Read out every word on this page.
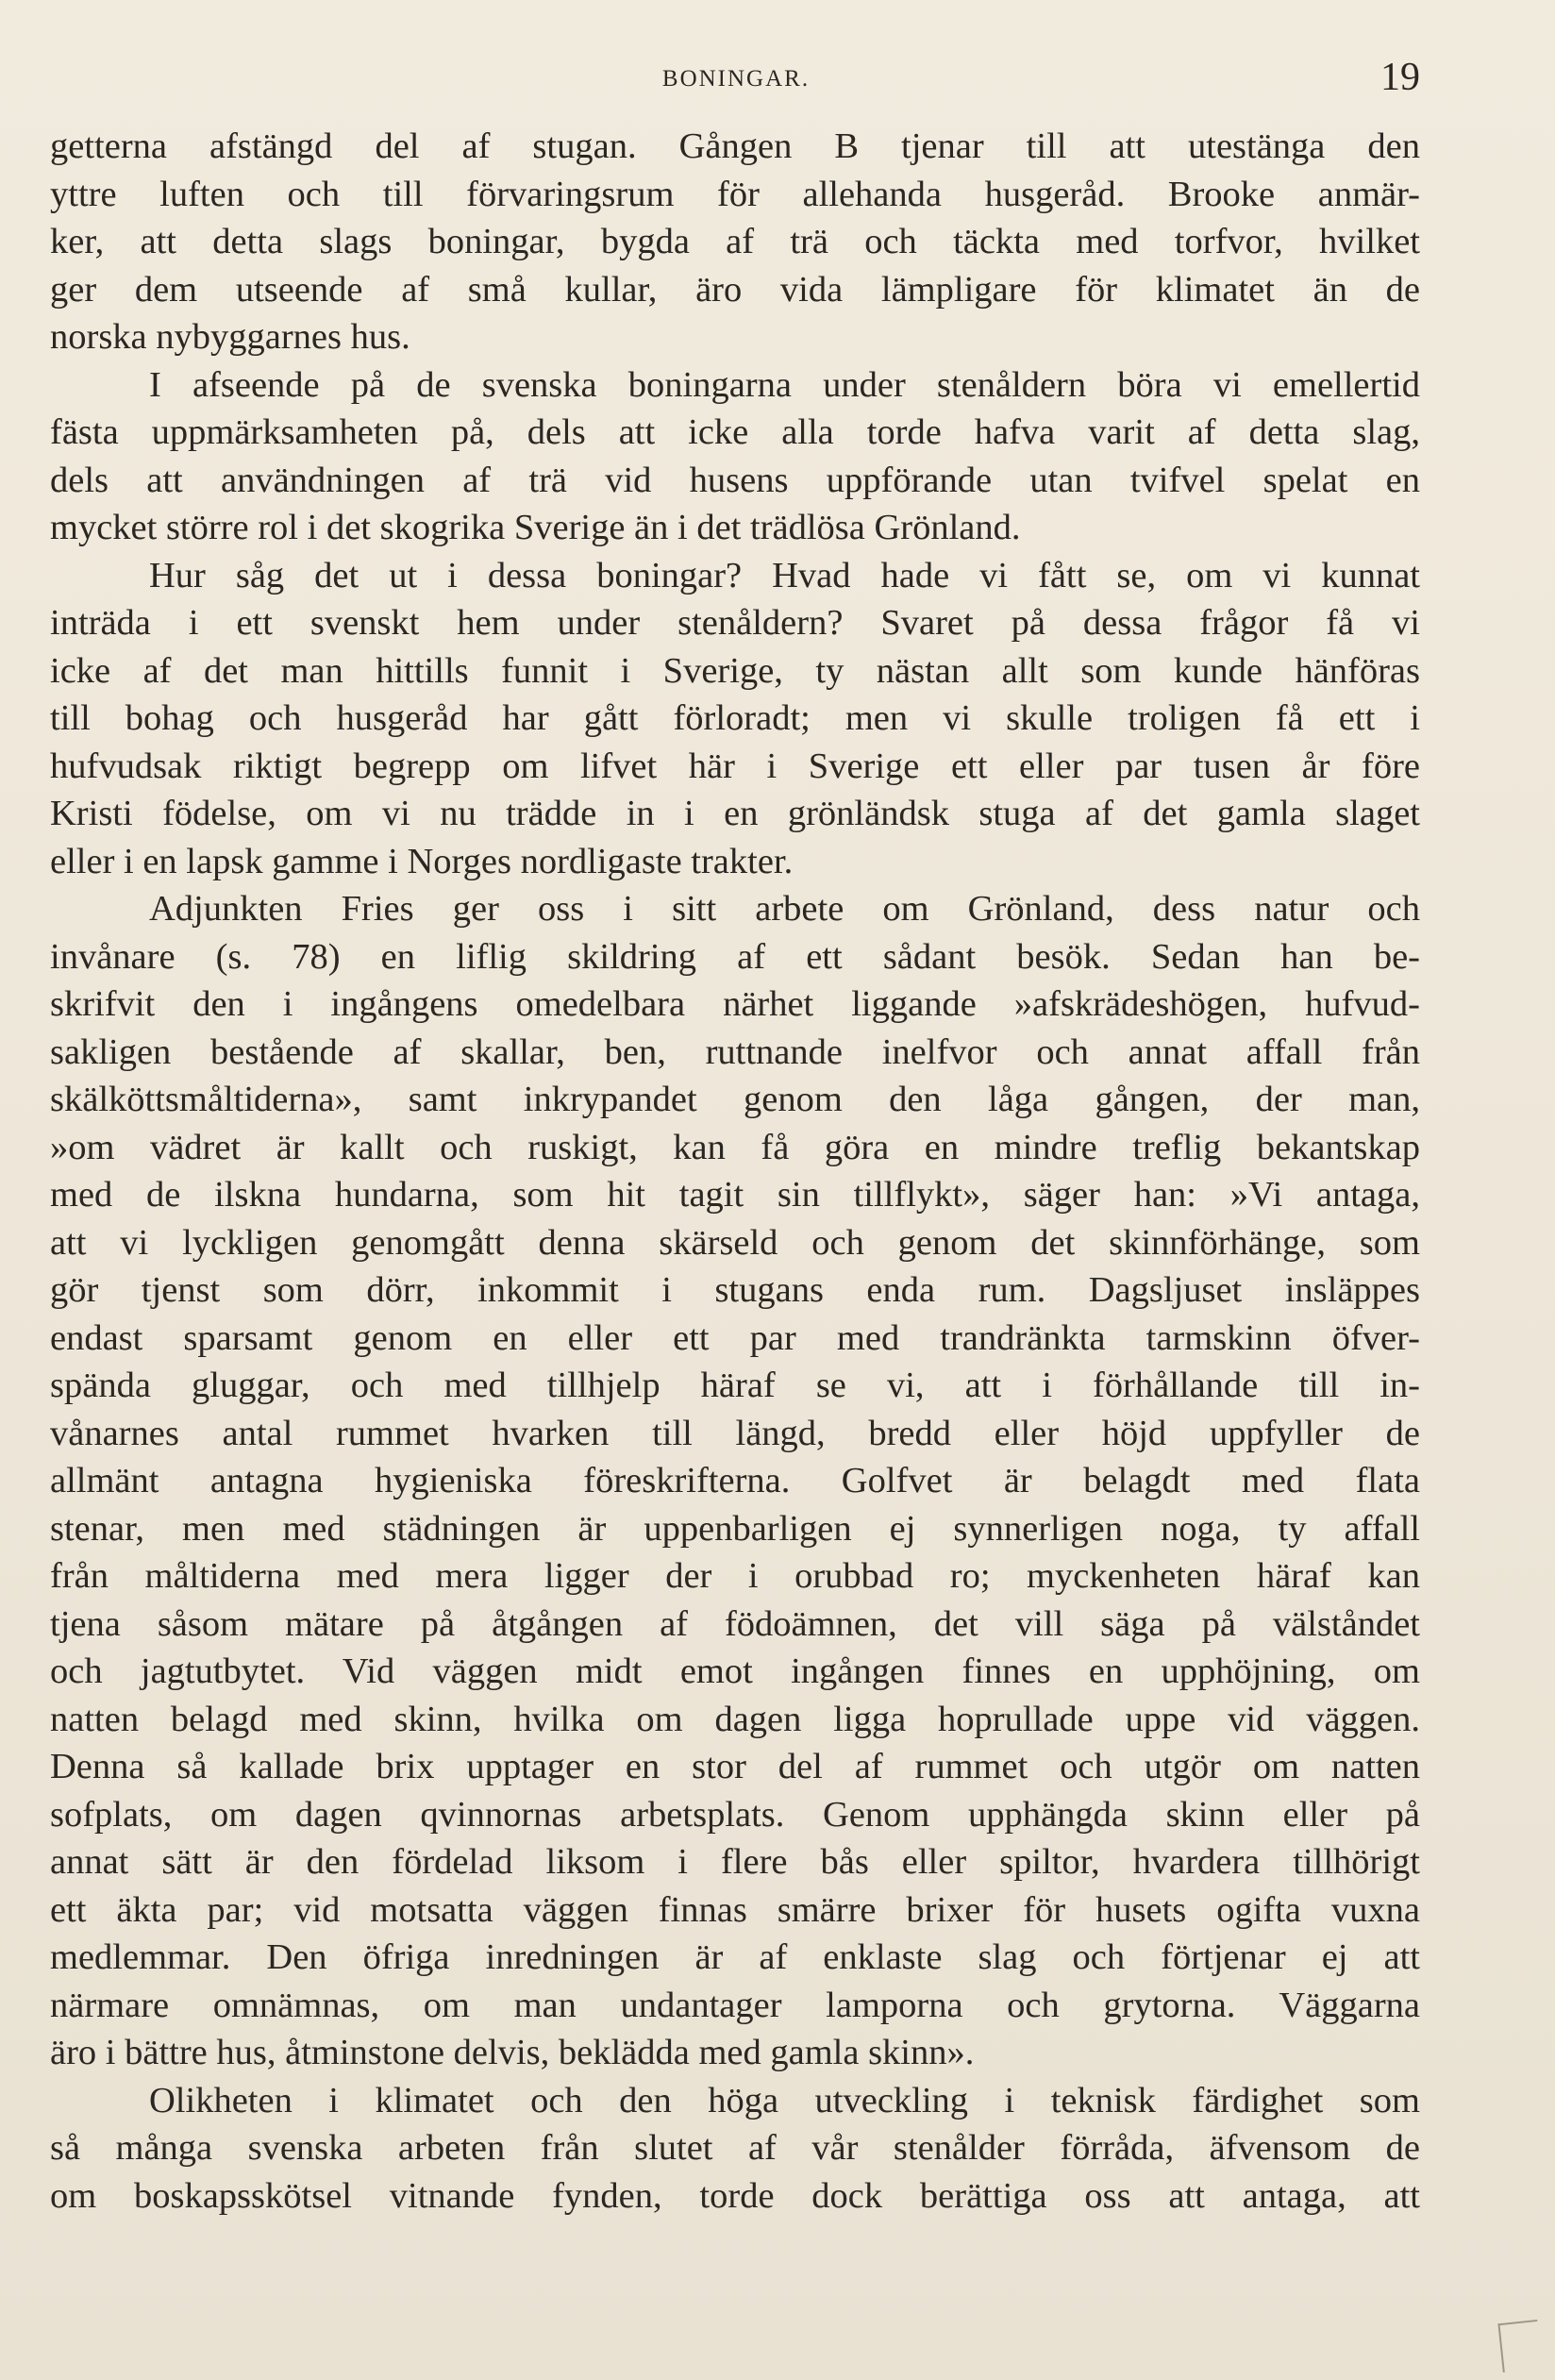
BONINGAR.	19
getterna afstängd del af stugan. Gången B tjenar till att utestänga den
yttre luften och till förvaringsrum för allehanda husgeråd. Brooke anmär-
ker, att detta slags boningar, bygda af trä och täckta med torfvor, hvilket
ger dem utseende af små kullar, äro vida lämpligare för klimatet än de
norska nybyggarnes hus.
I afseende på de svenska boningarna under stenåldern böra vi emellertid
fästa uppmärksamheten på, dels att icke alla torde hafva varit af detta slag,
dels att användningen af trä vid husens uppförande utan tvifvel spelat en
mycket större rol i det skogrika Sverige än i det trädlösa Grönland.
Hur såg det ut i dessa boningar? Hvad hade vi fått se, om vi kunnat
inträda i ett svenskt hem under stenåldern? Svaret på dessa frågor få vi
icke af det man hittills funnit i Sverige, ty nästan allt som kunde hänföras
till bohag och husgeråd har gått förloradt; men vi skulle troligen få ett i
hufvudsak riktigt begrepp om lifvet här i Sverige ett eller par tusen år före
Kristi födelse, om vi nu trädde in i en grönländsk stuga af det gamla slaget
eller i en lapsk gamme i Norges nordligaste trakter.
Adjunkten Fries ger oss i sitt arbete om Grönland, dess natur och
invånare (s. 78) en liflig skildring af ett sådant besök. Sedan han be-
skrifvit den i ingångens omedelbara närhet liggande »afskrädeshögen, hufvud-
sakligen bestående af skallar, ben, ruttnande inelfvor och annat affall från
skälköttsmåltiderna», samt inkrypandet genom den låga gången, der man,
»om vädret är kallt och ruskigt, kan få göra en mindre treflig bekantskap
med de ilskna hundarna, som hit tagit sin tillflykt», säger han: »Vi antaga,
att vi lyckligen genomgått denna skärseld och genom det skinnförhänge, som
gör tjenst som dörr, inkommit i stugans enda rum. Dagsljuset insläppes
endast sparsamt genom en eller ett par med trandränkta tarmskinn öfver-
spända gluggar, och med tillhjelp häraf se vi, att i förhållande till in-
vånarnes antal rummet hvarken till längd, bredd eller höjd uppfyller de
allmänt antagna hygieniska föreskrifterna. Golfvet är belagdt med flata
stenar, men med städningen är uppenbarligen ej synnerligen noga, ty affall
från måltiderna med mera ligger der i orubbad ro; myckenheten häraf kan
tjena såsom mätare på åtgången af födoämnen, det vill säga på välståndet
och jagtutbytet. Vid väggen midt emot ingången finnes en upphöjning, om
natten belagd med skinn, hvilka om dagen ligga hoprullade uppe vid väggen.
Denna så kallade brix upptager en stor del af rummet och utgör om natten
sofplats, om dagen qvinnornas arbetsplats. Genom upphängda skinn eller på
annat sätt är den fördelad liksom i flere bås eller spiltor, hvardera tillhörigt
ett äkta par; vid motsatta väggen finnas smärre brixer för husets ogifta vuxna
medlemmar. Den öfriga inredningen är af enklaste slag och förtjenar ej att
närmare omnämnas, om man undantager lamporna och grytorna. Väggarna
äro i bättre hus, åtminstone delvis, beklädda med gamla skinn».
Olikheten i klimatet och den höga utveckling i teknisk färdighet som
så många svenska arbeten från slutet af vår stenålder förråda, äfvensom de
om boskapsskötsel vitnande fynden, torde dock berättiga oss att antaga, att
